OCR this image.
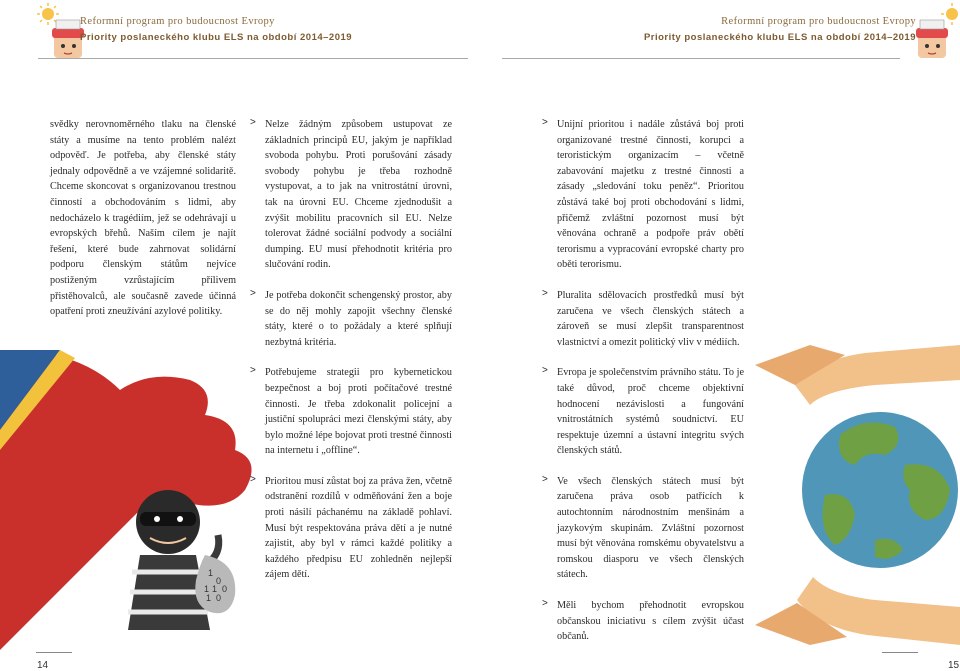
Reformní program pro budoucnost Evropy
Priority poslaneckého klubu ELS na období 2014–2019

svědky nerovnoměrného tlaku na členské státy a musíme na tento problém nalézt odpověď. Je potřeba, aby členské státy jednaly odpovědně a ve vzájemné solidaritě. Chceme skoncovat s organizovanou trestnou činností a obchodováním s lidmi, aby nedocházelo k tragédiím, jež se odehrávají u evropských břehů. Naším cílem je najít řešení, které bude zahrnovat solidární podporu členským státům nejvíce postiženým vzrůstajícím přílivem přistěhovalců, ale současně zavede účinná opatření proti zneužívání azylové politiky.

1
0
1 1 0
1 0
14
Reformní program pro budoucnost Evropy
Priority poslaneckého klubu ELS na období 2014–2019
15
> Nelze žádným způsobem ustupovat ze základních principů EU, jakým je například svoboda pohybu. Proti porušování zásady svobody pohybu je třeba rozhodně vystupovat, a to jak na vnitrostátní úrovni, tak na úrovni EU. Chceme zjednodušit a zvýšit mobilitu pracovních sil EU. Nelze tolerovat žádné sociální podvody a sociální dumping. EU musí přehodnotit kritéria pro slučování rodin.

> Je potřeba dokončit schengenský prostor, aby se do něj mohly zapojit všechny členské státy, které o to požádaly a které splňují nezbytná kritéria.

> Potřebujeme strategii pro kybernetickou bezpečnost a boj proti počítačové trestné činnosti. Je třeba zdokonalit policejní a justiční spolupráci mezi členskými státy, aby bylo možné lépe bojovat proti trestné činnosti na internetu i „offline“.

> Prioritou musí zůstat boj za práva žen, včetně odstranění rozdílů v odměňování žen a boje proti násilí páchanému na základě pohlaví. Musí být respektována práva dětí a je nutné zajistit, aby byl v rámci každé politiky a každého předpisu EU zohledněn nejlepší zájem dětí.

> Unijní prioritou i nadále zůstává boj proti organizované trestné činnosti, korupci a teroristickým organizacím – včetně zabavování majetku z trestné činnosti a zásady „sledování toku peněz“. Prioritou zůstává také boj proti obchodování s lidmi, přičemž zvláštní pozornost musí být věnována ochraně a podpoře práv obětí terorismu a vypracování evropské charty pro oběti terorismu.

> Pluralita sdělovacích prostředků musí být zaručena ve všech členských státech a zároveň se musí zlepšit transparentnost vlastnictví a omezit politický vliv v médiích.

> Evropa je společenstvím právního státu. To je také důvod, proč chceme objektivní hodnocení nezávislosti a fungování vnitrostátních systémů soudnictví. EU respektuje územní a ústavní integritu svých členských států.

> Ve všech členských státech musí být zaručena práva osob patřících k autochtonním národnostním menšinám a jazykovým skupinám. Zvláštní pozornost musí být věnována romskému obyvatelstvu a romskou diasporu ve všech členských státech.

> Měli bychom přehodnotit evropskou občanskou iniciativu s cílem zvýšit účast občanů.
